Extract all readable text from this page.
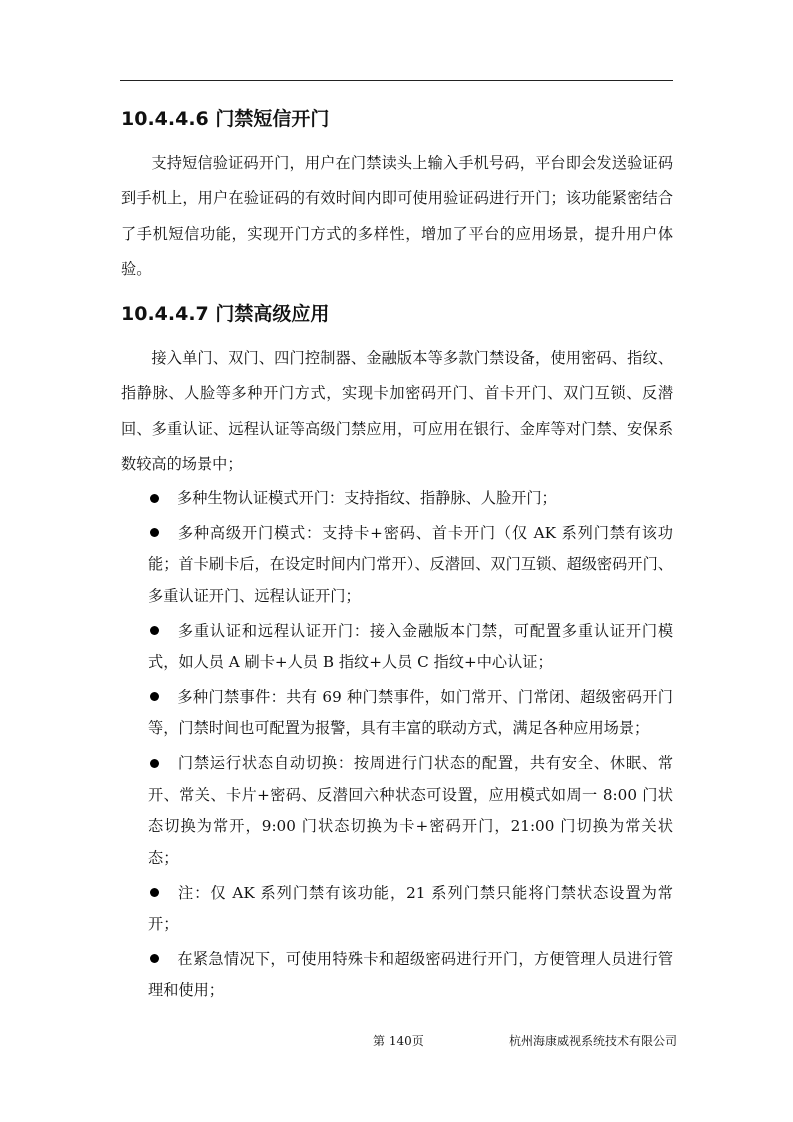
10.4.4.6 门禁短信开门

支持短信验证码开门，用户在门禁读头上输入手机号码，平台即会发送验证码到手机上，用户在验证码的有效时间内即可使用验证码进行开门；该功能紧密结合了手机短信功能，实现开门方式的多样性，增加了平台的应用场景，提升用户体验。

10.4.4.7 门禁高级应用

接入单门、双门、四门控制器、金融版本等多款门禁设备，使用密码、指纹、指静脉、人脸等多种开门方式，实现卡加密码开门、首卡开门、双门互锁、反潜回、多重认证、远程认证等高级门禁应用，可应用在银行、金库等对门禁、安保系数较高的场景中；

多种生物认证模式开门：支持指纹、指静脉、人脸开门；
多种高级开门模式：支持卡+密码、首卡开门（仅 AK 系列门禁有该功能；首卡刷卡后，在设定时间内门常开）、反潜回、双门互锁、超级密码开门、多重认证开门、远程认证开门；
多重认证和远程认证开门：接入金融版本门禁，可配置多重认证开门模式，如人员 A 刷卡+人员 B 指纹+人员 C 指纹+中心认证；
多种门禁事件：共有 69 种门禁事件，如门常开、门常闭、超级密码开门等，门禁时间也可配置为报警，具有丰富的联动方式，满足各种应用场景；
门禁运行状态自动切换：按周进行门状态的配置，共有安全、休眠、常开、常关、卡片+密码、反潜回六种状态可设置，应用模式如周一 8:00 门状态切换为常开，9:00 门状态切换为卡+密码开门，21:00 门切换为常关状态；
注：仅 AK 系列门禁有该功能，21 系列门禁只能将门禁状态设置为常开；
在紧急情况下，可使用特殊卡和超级密码进行开门，方便管理人员进行管理和使用；
第 140页	杭州海康威视系统技术有限公司
